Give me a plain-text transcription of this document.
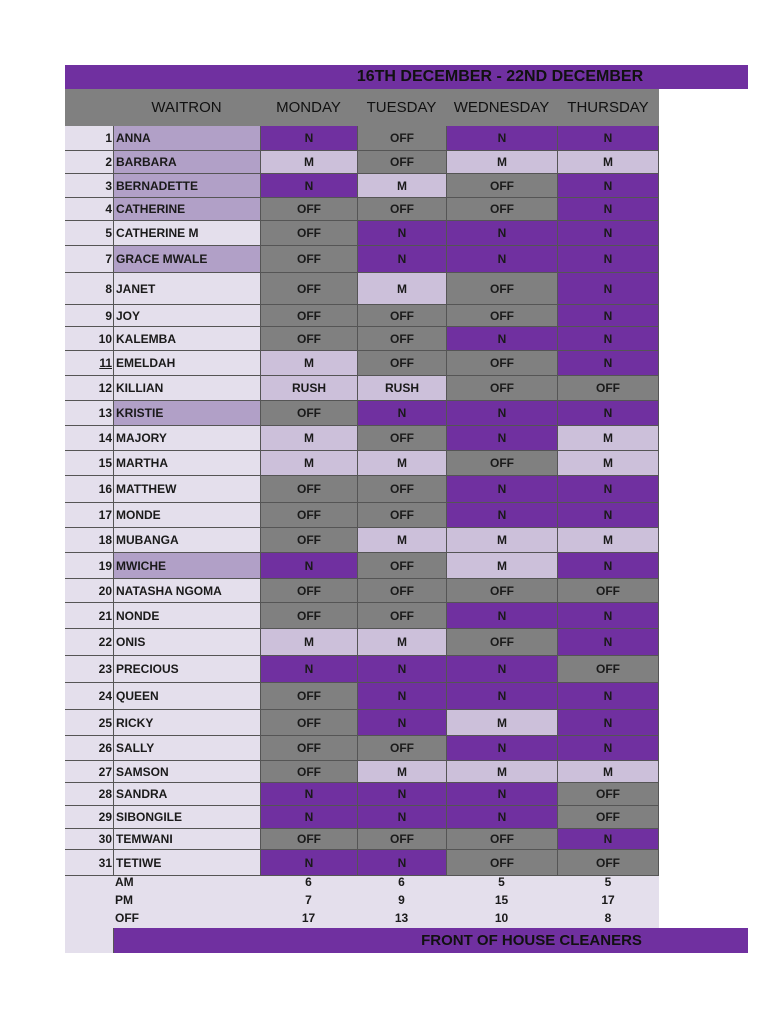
16TH DECEMBER - 22ND DECEMBER
WAITRON	MONDAY	TUESDAY	WEDNESDAY	THURSDAY
1 ANNA	N	OFF	N	N
2 BARBARA	M	OFF	M	M
3 BERNADETTE	N	M	OFF	N
4 CATHERINE	OFF	OFF	OFF	N
5 CATHERINE M	OFF	N	N	N
7 GRACE MWALE	OFF	N	N	N
8 JANET	OFF	M	OFF	N
9 JOY	OFF	OFF	OFF	N
10 KALEMBA	OFF	OFF	N	N
11 EMELDAH	M	OFF	OFF	N
12 KILLIAN	RUSH	RUSH	OFF	OFF
13 KRISTIE	OFF	N	N	N
14 MAJORY	M	OFF	N	M
15 MARTHA	M	M	OFF	M
16 MATTHEW	OFF	OFF	N	N
17 MONDE	OFF	OFF	N	N
18 MUBANGA	OFF	M	M	M
19 MWICHE	N	OFF	M	N
20 NATASHA NGOMA	OFF	OFF	OFF	OFF
21 NONDE	OFF	OFF	N	N
22 ONIS	M	M	OFF	N
23 PRECIOUS	N	N	N	OFF
24 QUEEN	OFF	N	N	N
25 RICKY	OFF	N	M	N
26 SALLY	OFF	OFF	N	N
27 SAMSON	OFF	M	M	M
28 SANDRA	N	N	N	OFF
29 SIBONGILE	N	N	N	OFF
30 TEMWANI	OFF	OFF	OFF	N
31 TETIWE	N	N	OFF	OFF
AM	6	6	5	5
PM	7	9	15	17
OFF	17	13	10	8
FRONT OF HOUSE CLEANERS
